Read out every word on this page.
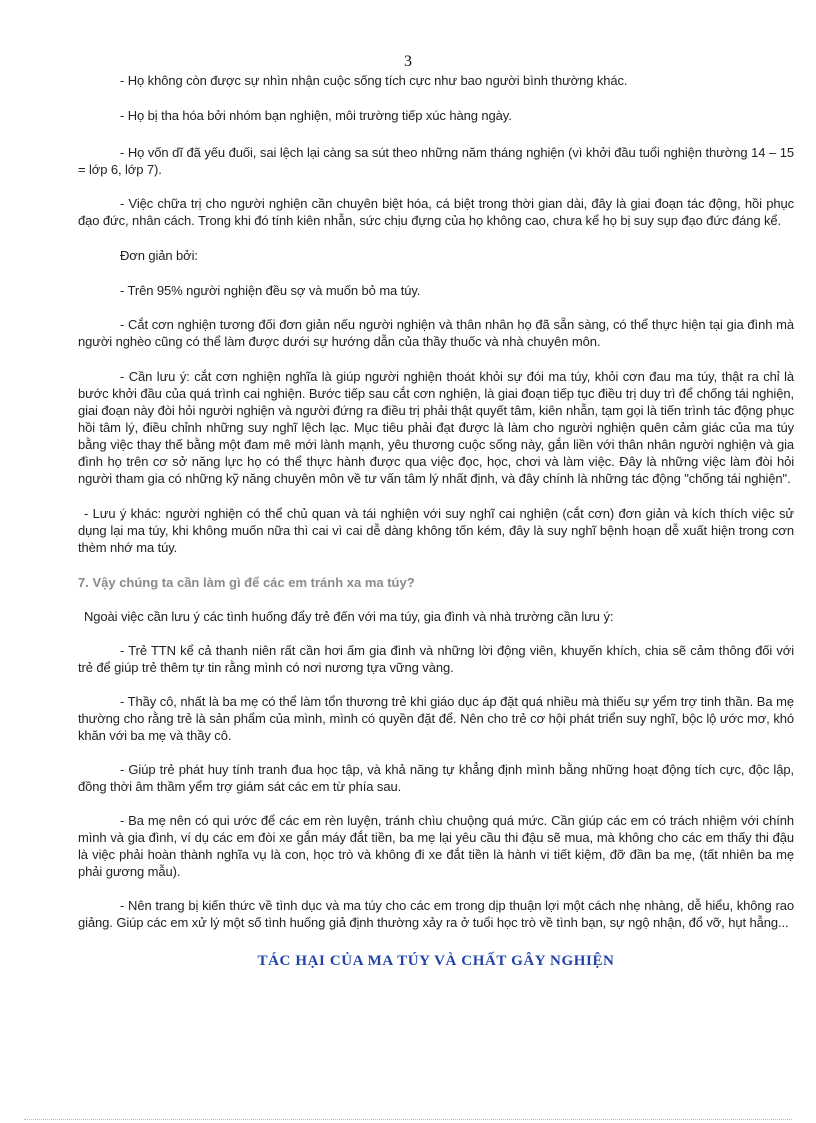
3

- Họ không còn được sự nhìn nhận cuộc sống tích cực như bao người bình thường khác.

- Họ bị tha hóa bởi nhóm bạn nghiện, môi trường tiếp xúc hàng ngày.

- Họ vốn dĩ đã yếu đuối, sai lệch lại càng sa sút theo những năm tháng nghiện (vì khởi đầu tuổi nghiện thường 14 – 15 = lớp 6, lớp 7).

- Việc chữa trị cho người nghiện cần chuyên biệt hóa, cá biệt trong thời gian dài, đây là giai đoạn tác động, hồi phục đạo đức, nhân cách. Trong khi đó tính kiên nhẫn, sức chịu đựng của họ không cao, chưa kể họ bị suy sụp đạo đức đáng kể.

Đơn giản bởi:

- Trên 95% người nghiện đều sợ và muốn bỏ ma túy.

- Cắt cơn nghiện tương đối đơn giản nếu người nghiện và thân nhân họ đã sẵn sàng, có thể thực hiện tại gia đình mà người nghèo cũng có thể làm được dưới sự hướng dẫn của thầy thuốc và nhà chuyên môn.

- Cần lưu ý: cắt cơn nghiện nghĩa là giúp người nghiện thoát khỏi sự đói ma túy, khỏi cơn đau ma túy, thật ra chỉ là bước khởi đầu của quá trình cai nghiện. Bước tiếp sau cắt cơn nghiện, là giai đoạn tiếp tục điều trị duy trì để chống tái nghiện, giai đoạn này đòi hỏi người nghiện và người đứng ra điều trị phải thật quyết tâm, kiên nhẫn, tạm gọi là tiến trình tác động phục hồi tâm lý, điều chỉnh những suy nghĩ lệch lạc. Mục tiêu phải đạt được là làm cho người nghiện quên cảm giác của ma túy bằng việc thay thế bằng một đam mê mới lành mạnh, yêu thương cuộc sống này, gắn liền với thân nhân người nghiện và gia đình họ trên cơ sở năng lực họ có thể thực hành được qua việc đọc, học, chơi và làm việc. Đây là những việc làm đòi hỏi người tham gia có những kỹ năng chuyên môn về tư vấn tâm lý nhất định, và đây chính là những tác động "chống tái nghiện".

- Lưu ý khác: người nghiện có thể chủ quan và tái nghiện với suy nghĩ cai nghiện (cắt cơn) đơn giản và kích thích việc sử dụng lại ma túy, khi không muốn nữa thì cai vì cai dễ dàng không tốn kém, đây là suy nghĩ bệnh hoạn dễ xuất hiện trong cơn thèm nhớ ma túy.

7. Vậy chúng ta cần làm gì để các em tránh xa ma túy?

Ngoài việc cần lưu ý các tình huống đẩy trẻ đến với ma túy, gia đình và nhà trường cần lưu ý:

- Trẻ TTN kể cả thanh niên rất cần hơi ấm gia đình và những lời động viên, khuyến khích, chia sẽ cảm thông đối với trẻ để giúp trẻ thêm tự tin rằng mình có nơi nương tựa vững vàng.

- Thầy cô, nhất là ba mẹ có thể làm tổn thương trẻ khi giáo dục áp đặt quá nhiều mà thiếu sự yểm trợ tinh thần. Ba mẹ thường cho rằng trẻ là sản phẩm của mình, mình có quyền đặt để. Nên cho trẻ cơ hội phát triển suy nghĩ, bộc lộ ước mơ, khó khăn với ba mẹ và thầy cô.

- Giúp trẻ phát huy tính tranh đua học tập, và khả năng tự khẳng định mình bằng những hoạt động tích cực, độc lập, đồng thời âm thầm yểm trợ giám sát các em từ phía sau.

- Ba mẹ nên có qui ước để các em rèn luyện, tránh chìu chuộng quá mức. Cần giúp các em có trách nhiệm với chính mình và gia đình, ví dụ các em đòi xe gắn máy đắt tiền, ba mẹ lại yêu cầu thi đậu sẽ mua, mà không cho các em thấy thi đậu là việc phải hoàn thành nghĩa vụ là con, học trò và không đi xe đắt tiền là hành vi tiết kiệm, đỡ đần ba mẹ, (tất nhiên ba mẹ phải gương mẫu).

- Nên trang bị kiến thức về tình dục và ma túy cho các em trong dịp thuận lợi một cách nhẹ nhàng, dễ hiểu, không rao giảng. Giúp các em xử lý một số tình huống giả định thường xảy ra ở tuổi học trò về tình bạn, sự ngộ nhận, đổ vỡ, hụt hẫng...

TÁC HẠI CỦA MA TÚY VÀ CHẤT GÂY NGHIỆN
